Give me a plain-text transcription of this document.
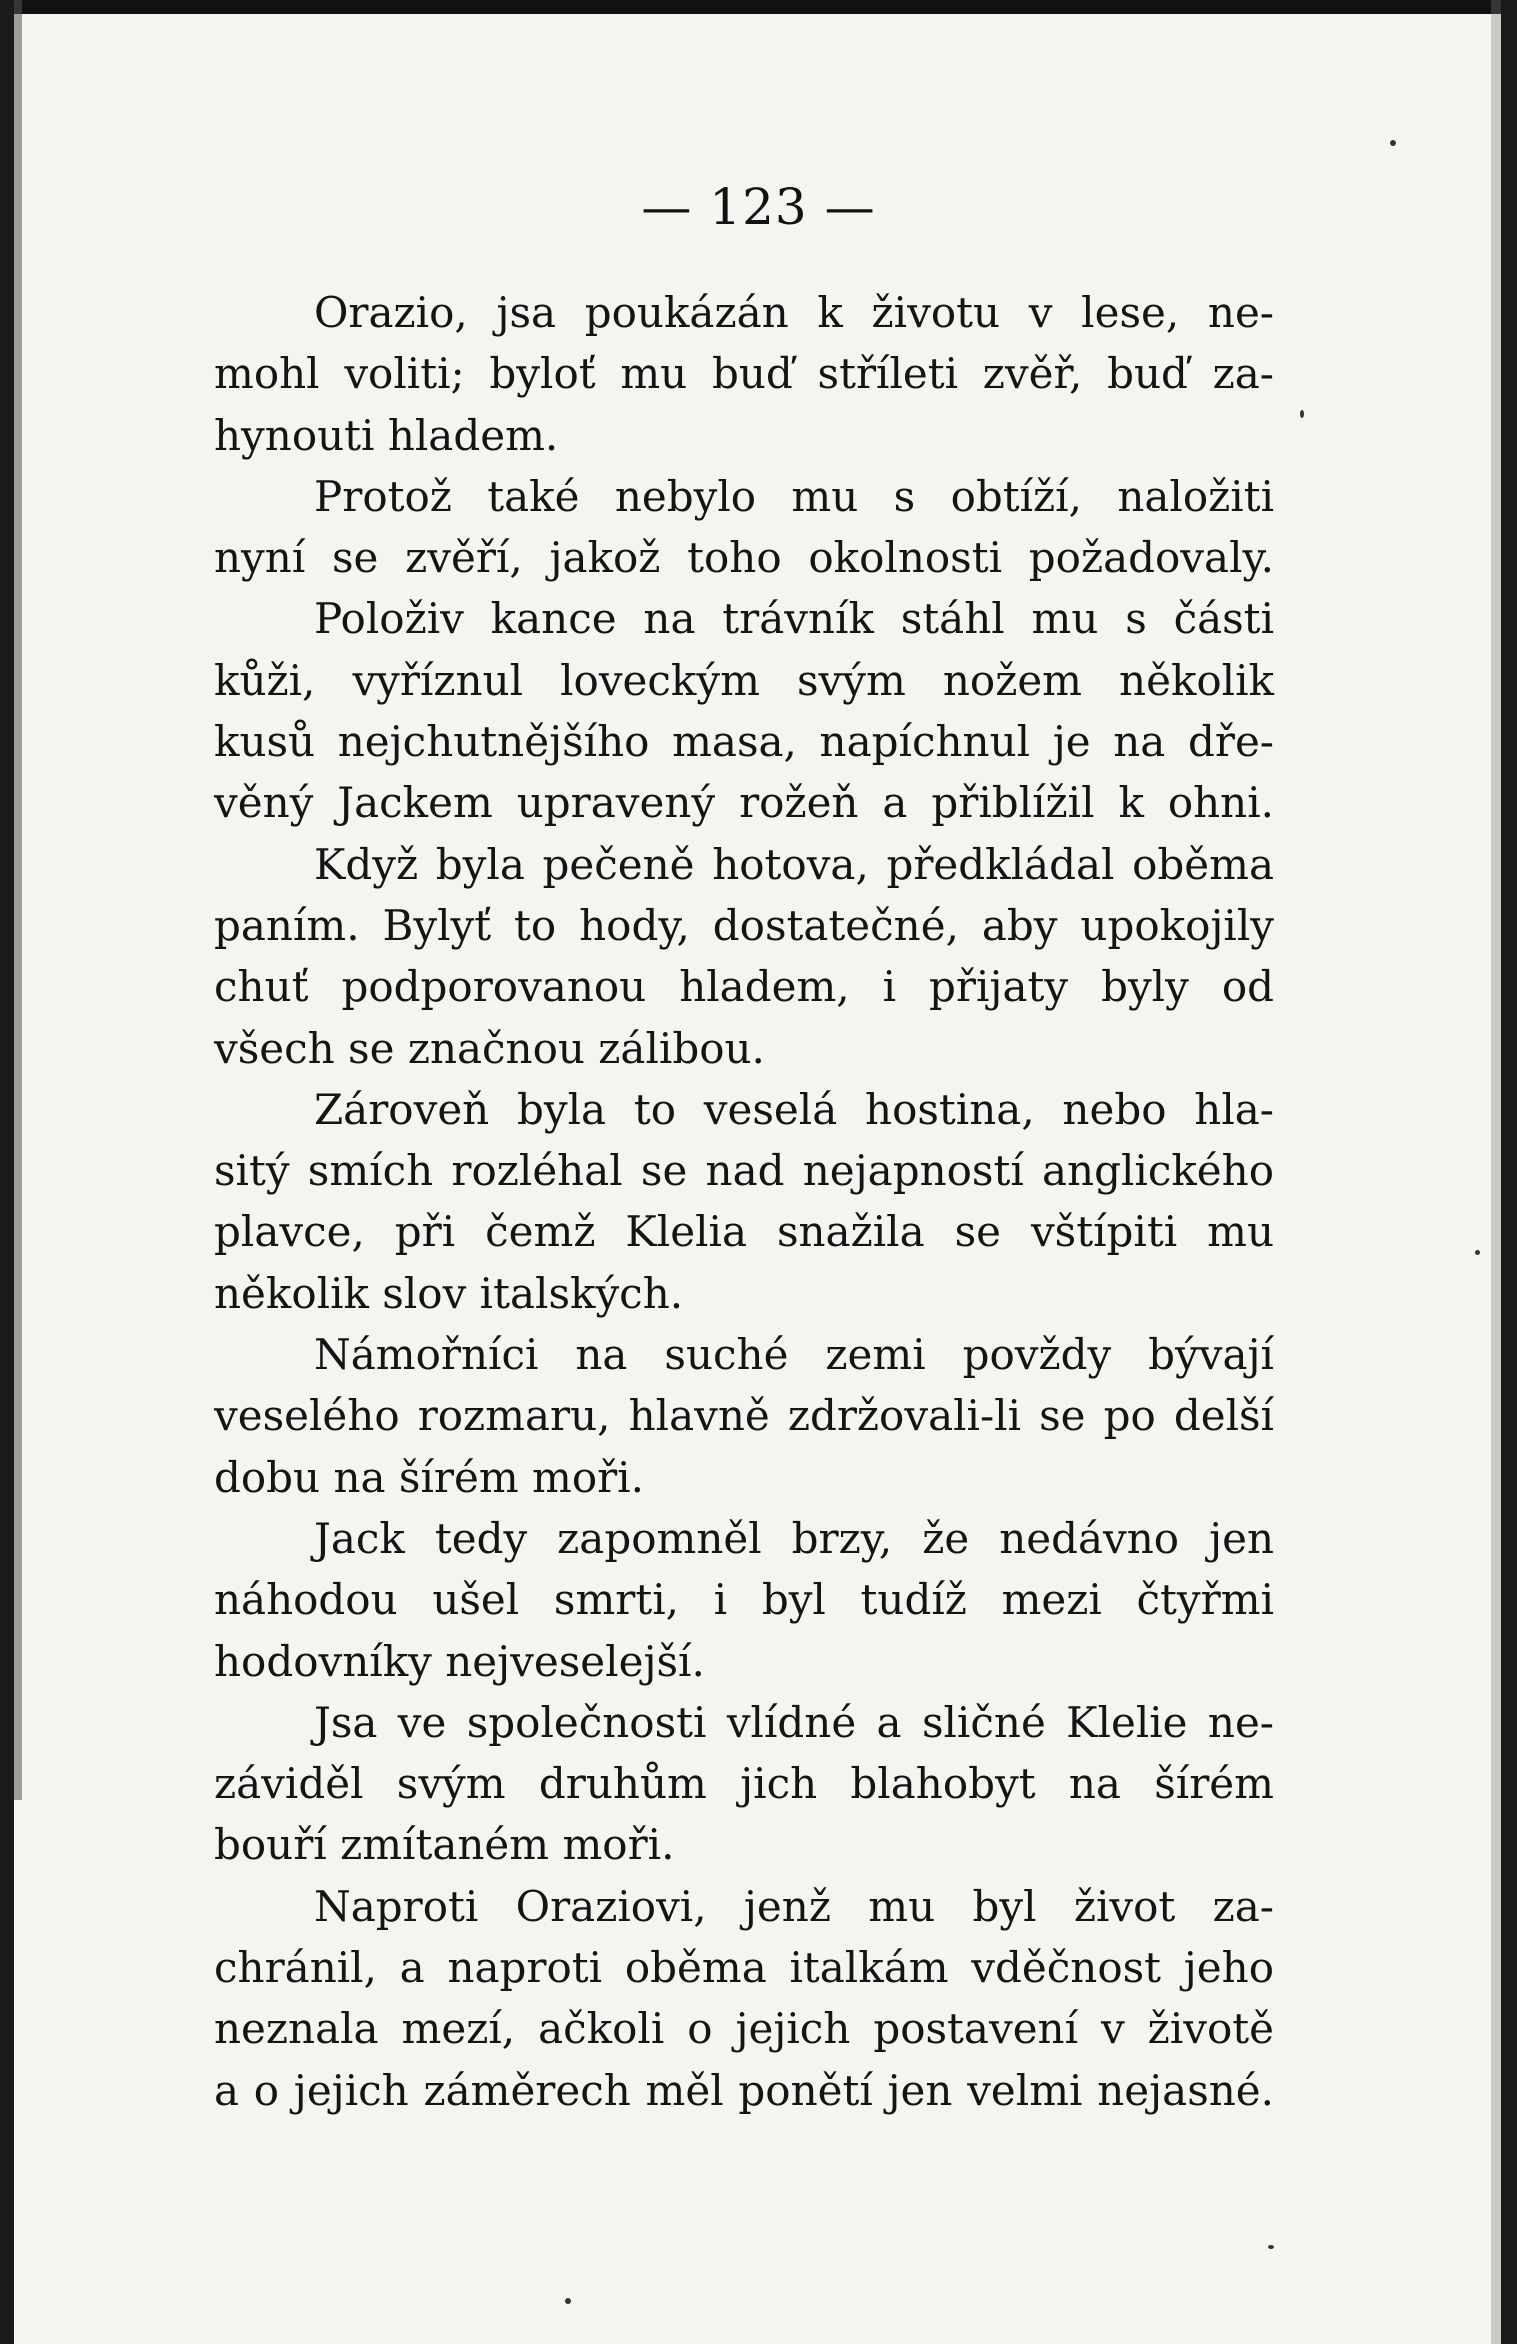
— 123 —
Orazio, jsa poukázán k životu v lese, ne-
mohl voliti; byloť mu buď stříleti zvěř, buď za-
hynouti hladem.
Protož také nebylo mu s obtíží, naložiti
nyní se zvěří, jakož toho okolnosti požadovaly.
Položiv kance na trávník stáhl mu s části
kůži, vyříznul loveckým svým nožem několik
kusů nejchutnějšího masa, napíchnul je na dře-
věný Jackem upravený rožeň a přiblížil k ohni.
Když byla pečeně hotova, předkládal oběma
paním. Bylyť to hody, dostatečné, aby upokojily
chuť podporovanou hladem, i přijaty byly od
všech se značnou zálibou.
Zároveň byla to veselá hostina, nebo hla-
sitý smích rozléhal se nad nejapností anglického
plavce, při čemž Klelia snažila se vštípiti mu
několik slov italských.
Námořníci na suché zemi povždy bývají
veselého rozmaru, hlavně zdržovali-li se po delší
dobu na šírém moři.
Jack tedy zapomněl brzy, že nedávno jen
náhodou ušel smrti, i byl tudíž mezi čtyřmi
hodovníky nejveselejší.
Jsa ve společnosti vlídné a sličné Klelie ne-
záviděl svým druhům jich blahobyt na šírém
bouří zmítaném moři.
Naproti Oraziovi, jenž mu byl život za-
chránil, a naproti oběma italkám vděčnost jeho
neznala mezí, ačkoli o jejich postavení v životě
a o jejich záměrech měl ponětí jen velmi nejasné.
